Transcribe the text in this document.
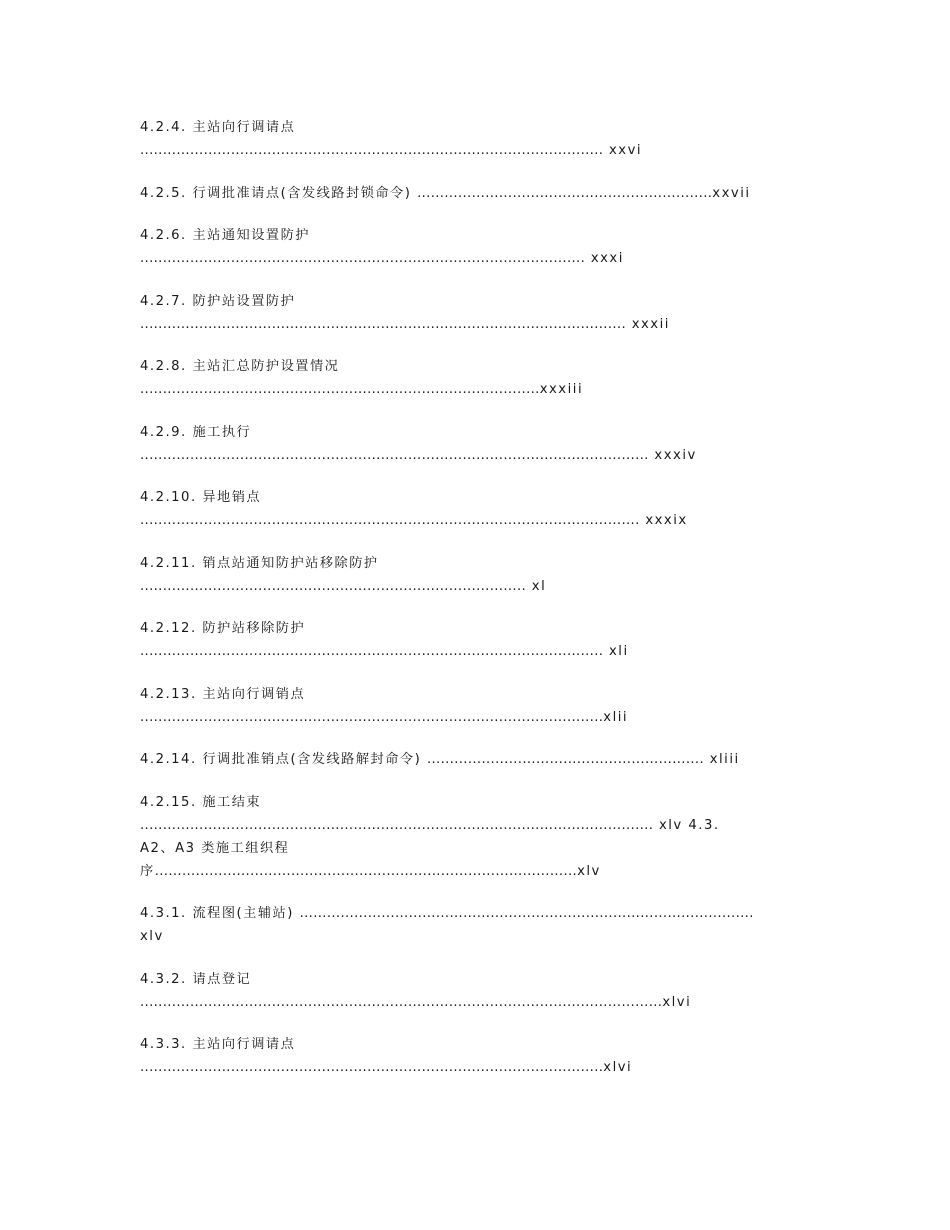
4.2.4. 主站向行调请点
...................................................................................................... xxvi
4.2.5. 行调批准请点(含发线路封锁命令) .................................................................xxvii
4.2.6. 主站通知设置防护
.................................................................................................. xxxi
4.2.7. 防护站设置防护
........................................................................................................... xxxii
4.2.8. 主站汇总防护设置情况
........................................................................................xxxiii
4.2.9. 施工执行
................................................................................................................ xxxiv
4.2.10. 异地销点
.............................................................................................................. xxxix
4.2.11. 销点站通知防护站移除防护
..................................................................................... xl
4.2.12. 防护站移除防护
...................................................................................................... xli
4.2.13. 主站向行调销点
......................................................................................................xlii
4.2.14. 行调批准销点(含发线路解封命令) ............................................................. xliii
4.2.15. 施工结束
................................................................................................................. xlv 4.3.
A2、A3 类施工组织程
序.............................................................................................xlv
4.3.1. 流程图(主辅站) ....................................................................................................
xlv
4.3.2. 请点登记
...................................................................................................................xlvi
4.3.3. 主站向行调请点
......................................................................................................xlvi
